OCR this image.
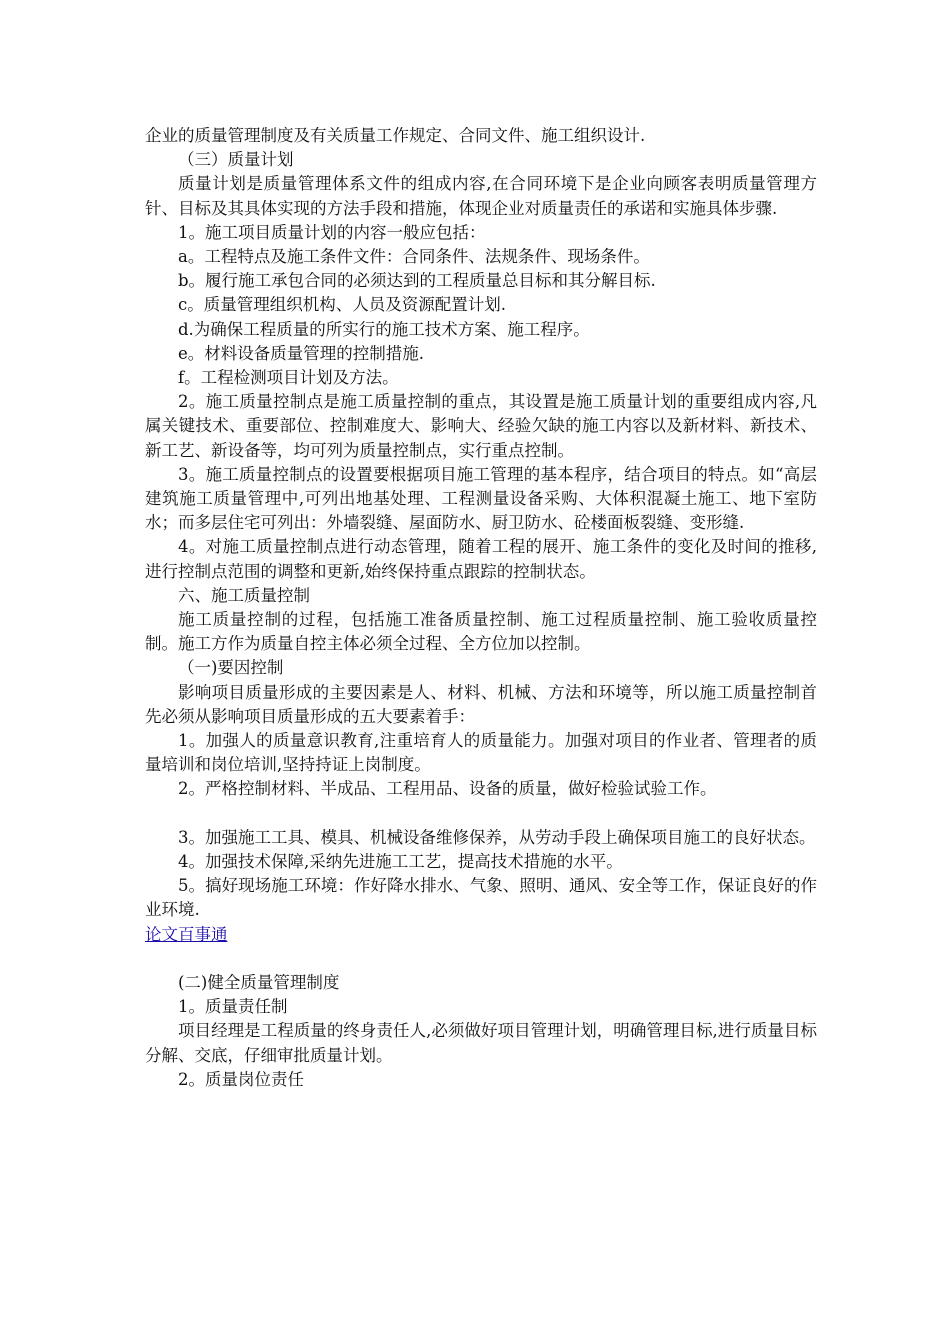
企业的质量管理制度及有关质量工作规定、合同文件、施工组织设计.

（三）质量计划

质量计划是质量管理体系文件的组成内容,在合同环境下是企业向顾客表明质量管理方针、目标及其具体实现的方法手段和措施，体现企业对质量责任的承诺和实施具体步骤.

1。施工项目质量计划的内容一般应包括：

a。工程特点及施工条件文件：合同条件、法规条件、现场条件。

b。履行施工承包合同的必须达到的工程质量总目标和其分解目标.

c。质量管理组织机构、人员及资源配置计划.

d.为确保工程质量的所实行的施工技术方案、施工程序。

e。材料设备质量管理的控制措施.

f。工程检测项目计划及方法。

2。施工质量控制点是施工质量控制的重点，其设置是施工质量计划的重要组成内容,凡属关键技术、重要部位、控制难度大、影响大、经验欠缺的施工内容以及新材料、新技术、新工艺、新设备等，均可列为质量控制点，实行重点控制。

3。施工质量控制点的设置要根据项目施工管理的基本程序，结合项目的特点。如“高层建筑施工质量管理中,可列出地基处理、工程测量设备采购、大体积混凝土施工、地下室防水；而多层住宅可列出：外墙裂缝、屋面防水、厨卫防水、砼楼面板裂缝、变形缝.

4。对施工质量控制点进行动态管理，随着工程的展开、施工条件的变化及时间的推移,进行控制点范围的调整和更新,始终保持重点跟踪的控制状态。

六、施工质量控制

施工质量控制的过程，包括施工准备质量控制、施工过程质量控制、施工验收质量控制。施工方作为质量自控主体必须全过程、全方位加以控制。

（一)要因控制

影响项目质量形成的主要因素是人、材料、机械、方法和环境等，所以施工质量控制首先必须从影响项目质量形成的五大要素着手：

1。加强人的质量意识教育,注重培育人的质量能力。加强对项目的作业者、管理者的质量培训和岗位培训,坚持持证上岗制度。

2。严格控制材料、半成品、工程用品、设备的质量，做好检验试验工作。

3。加强施工工具、模具、机械设备维修保养，从劳动手段上确保项目施工的良好状态。

4。加强技术保障,采纳先进施工工艺，提高技术措施的水平。

5。搞好现场施工环境：作好降水排水、气象、照明、通风、安全等工作，保证良好的作业环境.

论文百事通

(二)健全质量管理制度

1。质量责任制

项目经理是工程质量的终身责任人,必须做好项目管理计划，明确管理目标,进行质量目标分解、交底，仔细审批质量计划。

2。质量岗位责任
